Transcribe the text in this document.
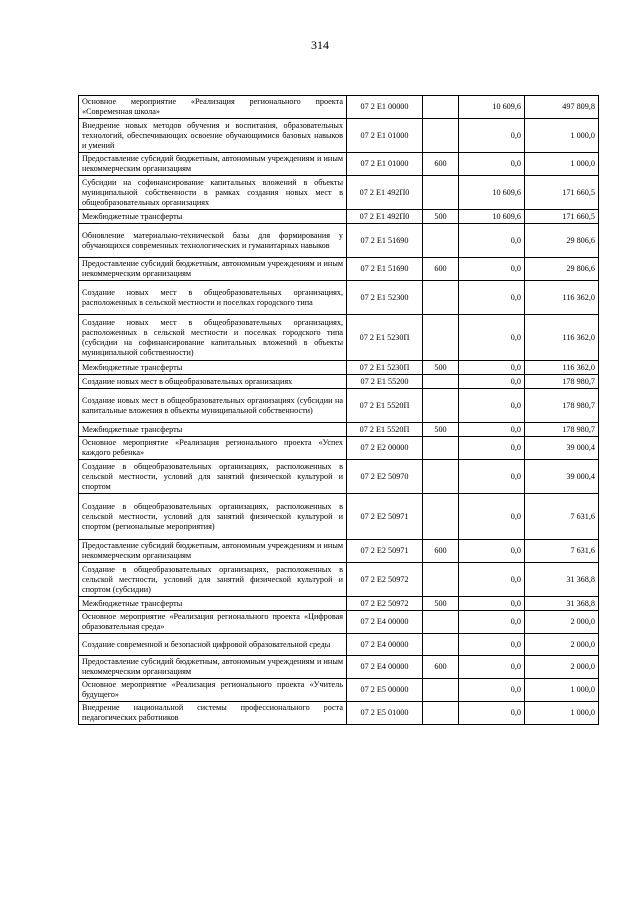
314
Основное мероприятие «Реализация регионального проекта «Современная школа»	07 2 E1 00000		10 609,6	497 809,8
Внедрение новых методов обучения и воспитания, образовательных технологий, обеспечивающих освоение обучающимися базовых навыков и умений	07 2 E1 01000		0,0	1 000,0
Предоставление субсидий бюджетным, автономным учреждениям и иным некоммерческим организациям	07 2 E1 01000	600	0,0	1 000,0
Субсидии на софинансирование капитальных вложений в объекты муниципальной собственности в рамках создания новых мест в общеобразовательных организациях	07 2 E1 492П0		10 609,6	171 660,5
Межбюджетные трансферты	07 2 E1 492П0	500	10 609,6	171 660,5
Обновление материально-технической базы для формирования у обучающихся современных технологических и гуманитарных навыков	07 2 E1 51690		0,0	29 806,6
Предоставление субсидий бюджетным, автономным учреждениям и иным некоммерческим организациям	07 2 E1 51690	600	0,0	29 806,6
Создание новых мест в общеобразовательных организациях, расположенных в сельской местности и поселках городского типа	07 2 E1 52300		0,0	116 362,0
Создание новых мест в общеобразовательных организациях, расположенных в сельской местности и поселках городского типа (субсидии на софинансирование капитальных вложений в объекты муниципальной собственности)	07 2 E1 5230П		0,0	116 362,0
Межбюджетные трансферты	07 2 E1 5230П	500	0,0	116 362,0
Создание новых мест в общеобразовательных организациях	07 2 E1 55200		0,0	178 980,7
Создание новых мест в общеобразовательных организациях (субсидии на капитальные вложения в объекты муниципальной собственности)	07 2 E1 5520П		0,0	178 980,7
Межбюджетные трансферты	07 2 E1 5520П	500	0,0	178 980,7
Основное мероприятие «Реализация регионального проекта «Успех каждого ребенка»	07 2 E2 00000		0,0	39 000,4
Создание в общеобразовательных организациях, расположенных в сельской местности, условий для занятий физической культурой и спортом	07 2 E2 50970		0,0	39 000,4
Создание в общеобразовательных организациях, расположенных в сельской местности, условий для занятий физической культурой и спортом (региональные мероприятия)	07 2 E2 50971		0,0	7 631,6
Предоставление субсидий бюджетным, автономным учреждениям и иным некоммерческим организациям	07 2 E2 50971	600	0,0	7 631,6
Создание в общеобразовательных организациях, расположенных в сельской местности, условий для занятий физической культурой и спортом (субсидии)	07 2 E2 50972		0,0	31 368,8
Межбюджетные трансферты	07 2 E2 50972	500	0,0	31 368,8
Основное мероприятие «Реализация регионального проекта «Цифровая образовательная среда»	07 2 E4 00000		0,0	2 000,0
Создание современной и безопасной цифровой образовательной среды	07 2 E4 00000		0,0	2 000,0
Предоставление субсидий бюджетным, автономным учреждениям и иным некоммерческим организациям	07 2 E4 00000	600	0,0	2 000,0
Основное мероприятие «Реализация регионального проекта «Учитель будущего»	07 2 E5 00000		0,0	1 000,0
Внедрение национальной системы профессионального роста педагогических работников	07 2 E5 01000		0,0	1 000,0
